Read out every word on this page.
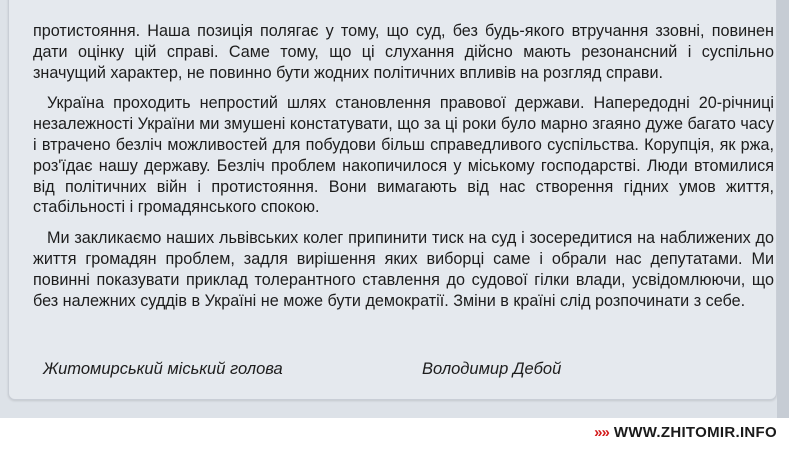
протистояння. Наша позиція полягає у тому, що суд, без будь-якого втручання ззовні, повинен дати оцінку цій справі. Саме тому, що ці слухання дійсно мають резонансний і суспільно значущий характер, не повинно бути жодних політичних впливів на розгляд справи.

Україна проходить непростий шлях становлення правової держави. Напередодні 20-річниці незалежності України ми змушені констатувати, що за ці роки було марно згаяно дуже багато часу і втрачено безліч можливостей для побудови більш справедливого суспільства. Корупція, як ржа, роз'їдає нашу державу. Безліч проблем накопичилося у міському господарстві. Люди втомилися від політичних війн і протистояння. Вони вимагають від нас створення гідних умов життя, стабільності і громадянського спокою.

Ми закликаємо наших львівських колег припинити тиск на суд і зосередитися на наближених до життя громадян проблем, задля вирішення яких виборці саме і обрали нас депутатами. Ми повинні показувати приклад толерантного ставлення до судової гілки влади, усвідомлюючи, що без належних суддів в Україні не може бути демократії. Зміни в країні слід розпочинати з себе.

Житомирський міський голова	Володимир Дебой
»» WWW.ZHITOMIR.INFO
